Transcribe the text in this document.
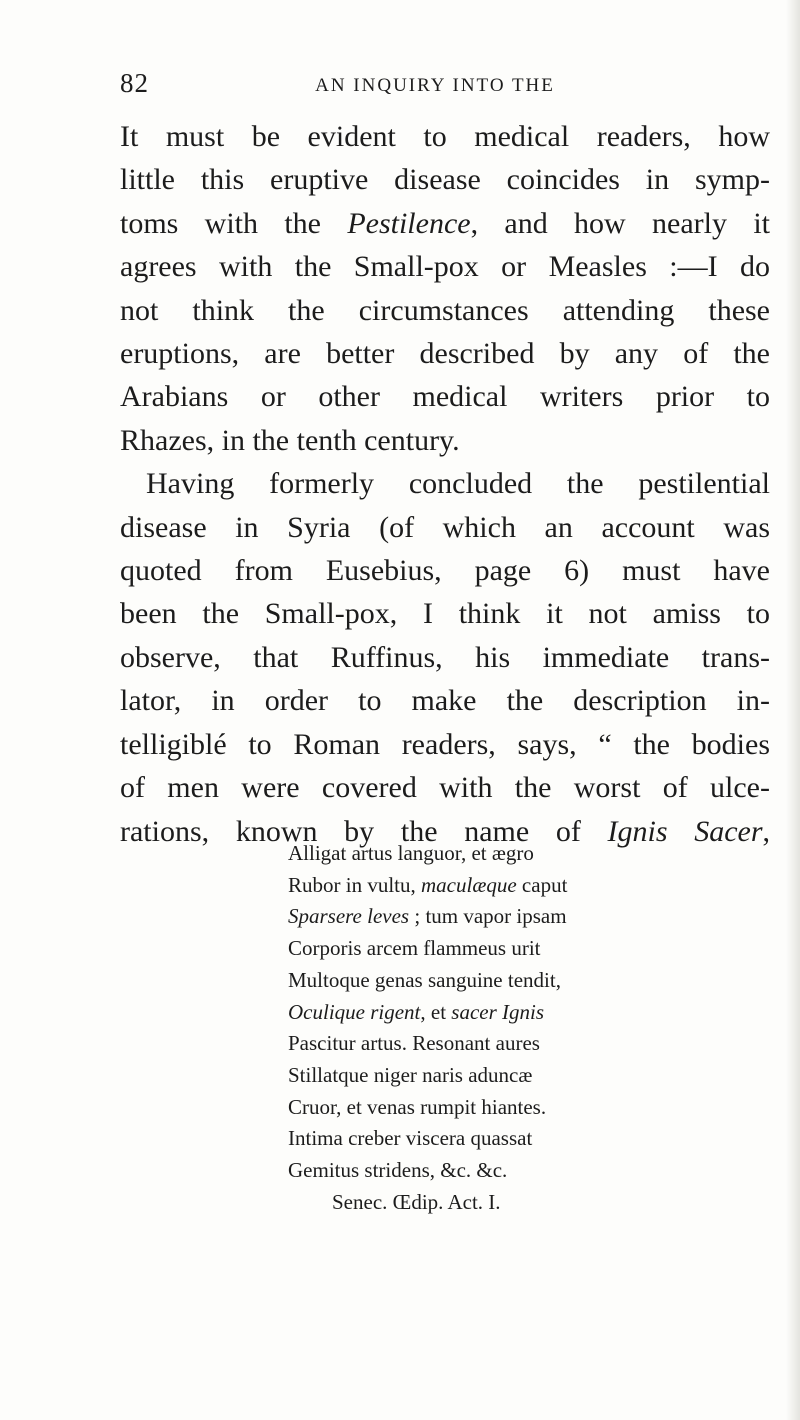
82	AN INQUIRY INTO THE
It must be evident to medical readers, how
little this eruptive disease coincides in symp-
toms with the Pestilence, and how nearly it
agrees with the Small-pox or Measles :—I do
not think the circumstances attending these
eruptions, are better described by any of the
Arabians or other medical writers prior to
Rhazes, in the tenth century.
Having formerly concluded the pestilential
disease in Syria (of which an account was
quoted from Eusebius, page 6) must have
been the Small-pox, I think it not amiss to
observe, that Ruffinus, his immediate trans-
lator, in order to make the description in-
telligiblé to Roman readers, says, “ the bodies
of men were covered with the worst of ulce-
rations, known by the name of Ignis Sacer,
Alligat artus languor, et ægro
Rubor in vultu, maculæque caput
Sparsere leves ; tum vapor ipsam
Corporis arcem flammeus urit
Multoque genas sanguine tendit,
Oculique rigent, et sacer Ignis
Pascitur artus. Resonant aures
Stillatque niger naris aduncæ
Cruor, et venas rumpit hiantes.
Intima creber viscera quassat
Gemitus stridens, &c. &c.
Senec. Œdip. Act. I.
